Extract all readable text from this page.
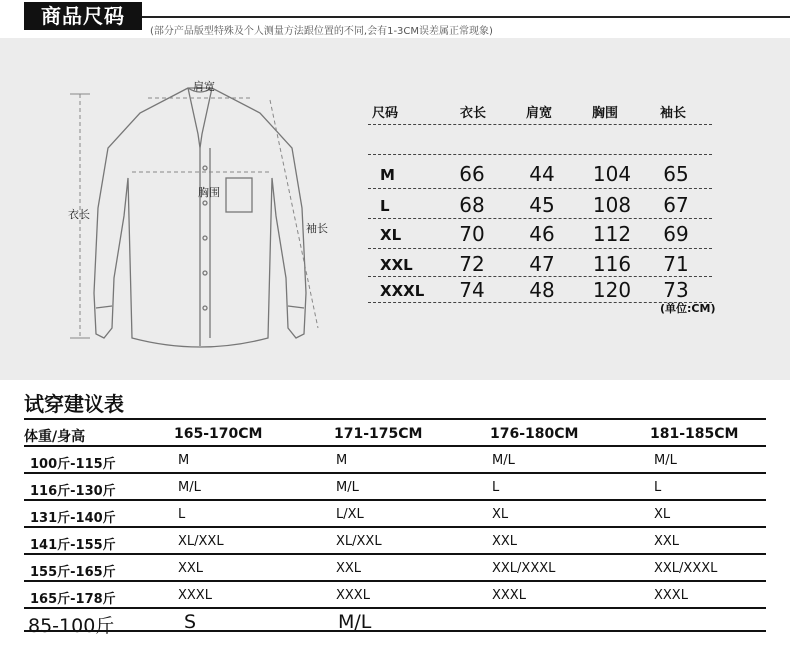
商品尺码
(部分产品版型特殊及个人测量方法跟位置的不同,会有1-3CM误差属正常现象)
肩宽
胸围
衣长
袖长
尺码	衣长	肩宽	胸围	袖长
M	66	44	104	65
L	68	45	108	67
XL	70	46	112	69
XXL	72	47	116	71
XXXL	74	48	120	73
(单位:CM)
试穿建议表
体重/身高	165-170CM	171-175CM	176-180CM	181-185CM
100斤-115斤	M	M	M/L	M/L
116斤-130斤	M/L	M/L	L	L
131斤-140斤	L	L/XL	XL	XL
141斤-155斤	XL/XXL	XL/XXL	XXL	XXL
155斤-165斤	XXL	XXL	XXL/XXXL	XXL/XXXL
165斤-178斤	XXXL	XXXL	XXXL	XXXL
85-100斤	S	M/L
